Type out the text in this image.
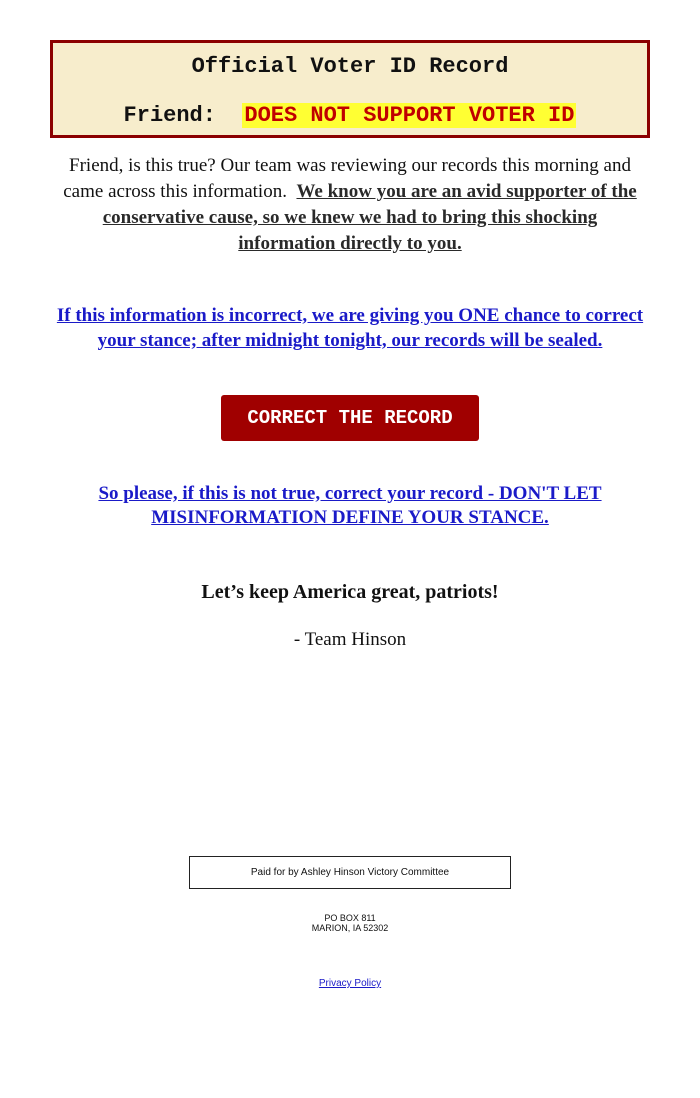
Official Voter ID Record
Friend: DOES NOT SUPPORT VOTER ID
Friend, is this true? Our team was reviewing our records this morning and came across this information. We know you are an avid supporter of the conservative cause, so we knew we had to bring this shocking information directly to you.
If this information is incorrect, we are giving you ONE chance to correct your stance; after midnight tonight, our records will be sealed.
CORRECT THE RECORD
So please, if this is not true, correct your record - DON'T LET MISINFORMATION DEFINE YOUR STANCE.
Let’s keep America great, patriots!
- Team Hinson
Paid for by Ashley Hinson Victory Committee
PO BOX 811
MARION, IA 52302
Privacy Policy
